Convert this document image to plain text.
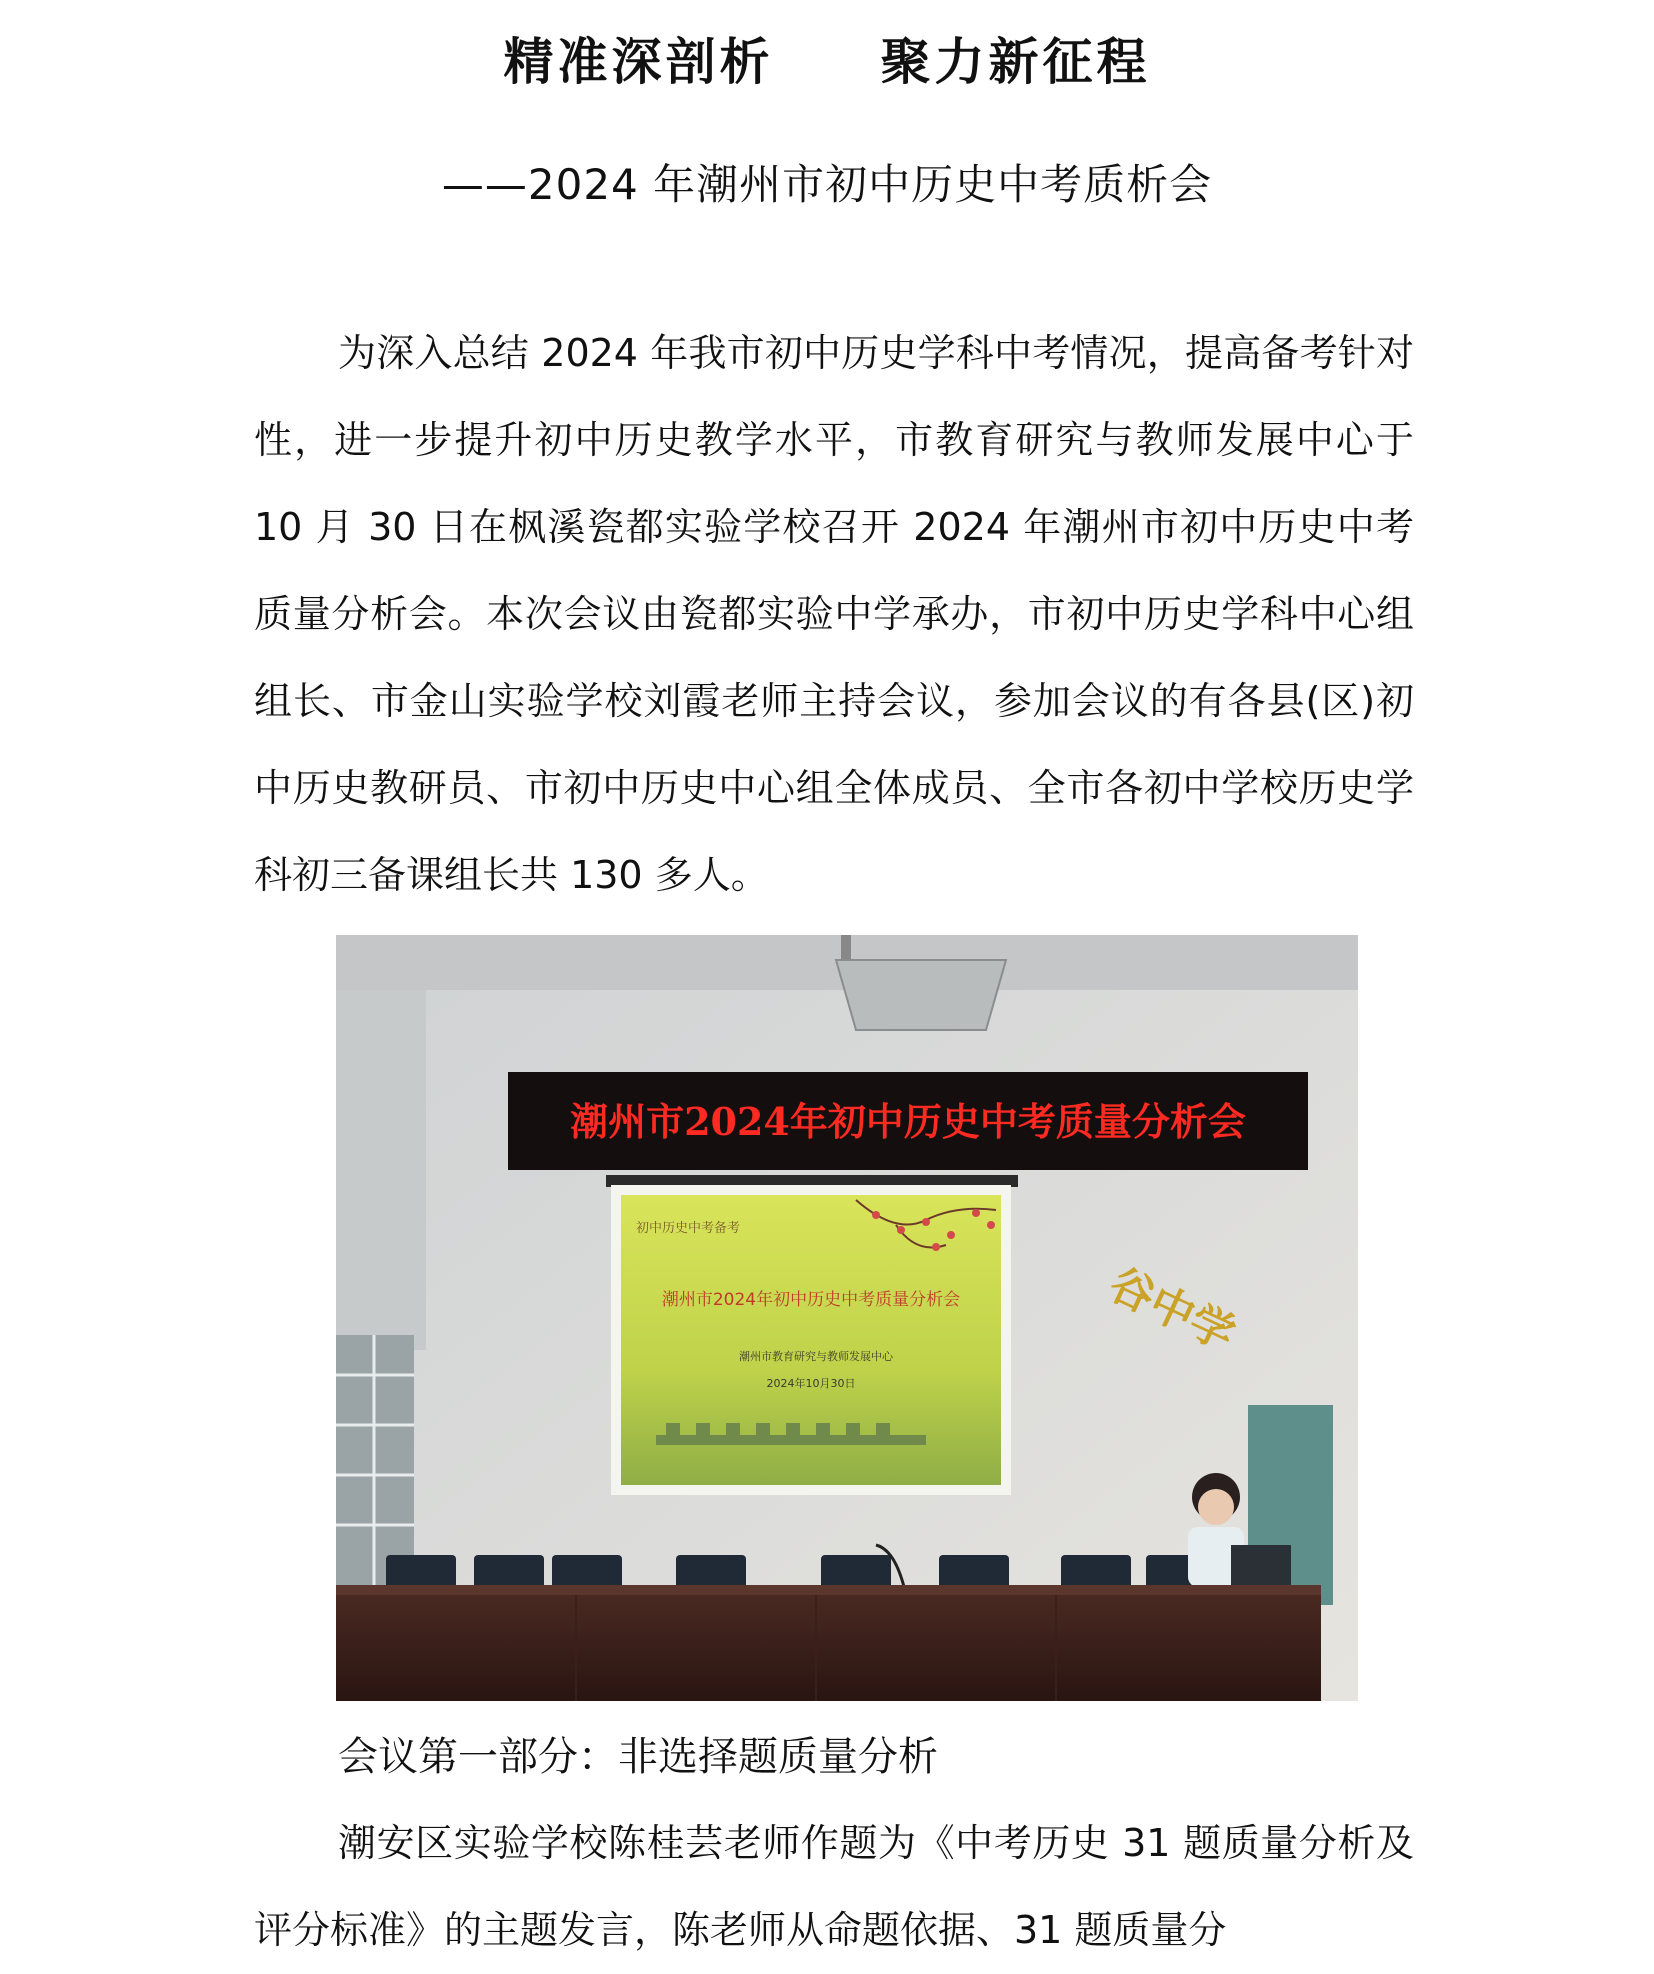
精准深剖析     聚力新征程
——2024 年潮州市初中历史中考质析会

为深入总结 2024 年我市初中历史学科中考情况，提高备考针对性，进一步提升初中历史教学水平，市教育研究与教师发展中心于 10 月 30 日在枫溪瓷都实验学校召开 2024 年潮州市初中历史中考质量分析会。本次会议由瓷都实验中学承办，市初中历史学科中心组组长、市金山实验学校刘霞老师主持会议，参加会议的有各县(区)初中历史教研员、市初中历史中心组全体成员、全市各初中学校历史学科初三备课组长共 130 多人。

潮州市2024年初中历史中考质量分析会
初中历史中考备考
潮州市2024年初中历史中考质量分析会
潮州市教育研究与教师发展中心
2024年10月30日
谷中学
会议第一部分：非选择题质量分析

潮安区实验学校陈桂芸老师作题为《中考历史 31 题质量分析及评分标准》的主题发言，陈老师从命题依据、31 题质量分
